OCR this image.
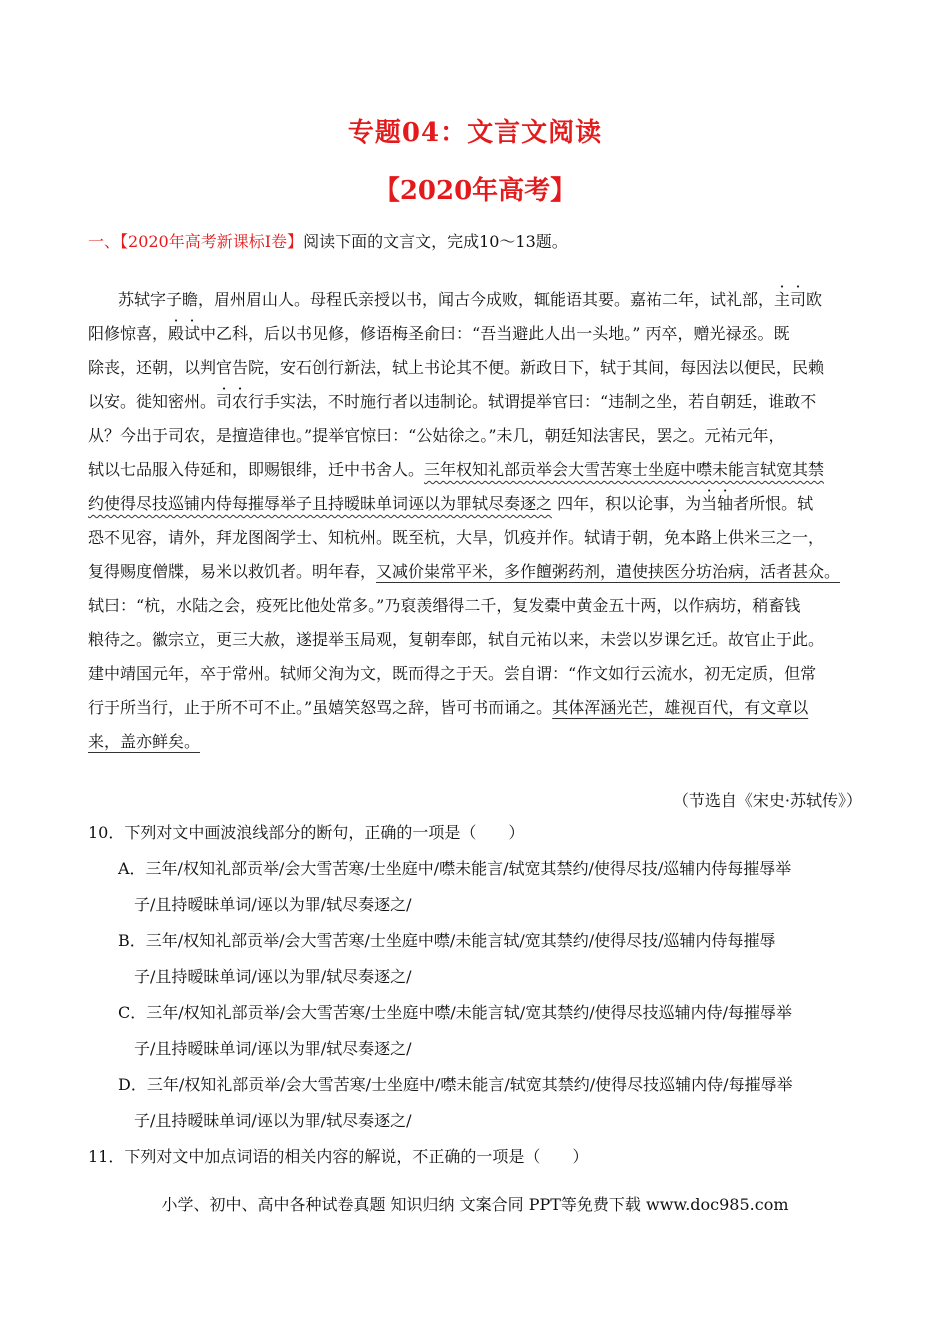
专题04：文言文阅读
【2020年高考】
一、【2020年高考新课标Ⅰ卷】阅读下面的文言文，完成10～13题。
苏轼字子瞻，眉州眉山人。母程氏亲授以书，闻古今成败，辄能语其要。嘉祐二年，试礼部，主司欧
阳修惊喜，殿试中乙科，后以书见修，修语梅圣俞曰：“吾当避此人出一头地。” 丙卒，赠光禄丞。既
除丧，还朝，以判官告院，安石创行新法，轼上书论其不便。新政日下，轼于其间，每因法以便民，民赖
以安。徙知密州。司农行手实法，不时施行者以违制论。轼谓提举官曰：“违制之坐，若自朝廷，谁敢不
从？今出于司农，是擅造律也。”提举官惊曰：“公姑徐之。”未几，朝廷知法害民，罢之。元祐元年，
轼以七品服入侍延和，即赐银绯，迁中书舍人。三年权知礼部贡举会大雪苦寒士坐庭中噤未能言轼宽其禁
约使得尽技巡铺内侍每摧辱举子且持暧昧单词诬以为罪轼尽奏逐之 四年，积以论事，为当轴者所恨。轼
恐不见容，请外，拜龙图阁学士、知杭州。既至杭，大旱，饥疫并作。轼请于朝，免本路上供米三之一，
复得赐度僧牒，易米以救饥者。明年春，又减价粜常平米，多作饘粥药剂，遣使挟医分坊治病，活者甚众。
轼曰：“杭，水陆之会，疫死比他处常多。”乃裒羡缗得二千，复发橐中黄金五十两，以作病坊，稍畜钱
粮待之。徽宗立，更三大赦，遂提举玉局观，复朝奉郎，轼自元祐以来，未尝以岁课乞迁。故官止于此。
建中靖国元年，卒于常州。轼师父洵为文，既而得之于天。尝自谓：“作文如行云流水，初无定质，但常
行于所当行，止于所不可不止。”虽嬉笑怒骂之辞，皆可书而诵之。其体浑涵光芒，雄视百代，有文章以
来，盖亦鲜矣。
（节选自《宋史·苏轼传》）
10．下列对文中画波浪线部分的断句，正确的一项是（　　）
A．三年/权知礼部贡举/会大雪苦寒/士坐庭中/噤未能言/轼宽其禁约/使得尽技/巡辅内侍每摧辱举
子/且持暧昧单词/诬以为罪/轼尽奏逐之/
B．三年/权知礼部贡举/会大雪苦寒/士坐庭中噤/未能言轼/宽其禁约/使得尽技/巡辅内侍每摧辱
子/且持暧昧单词/诬以为罪/轼尽奏逐之/
C．三年/权知礼部贡举/会大雪苦寒/士坐庭中噤/未能言轼/宽其禁约/使得尽技巡辅内侍/每摧辱举
子/且持暧昧单词/诬以为罪/轼尽奏逐之/
D．三年/权知礼部贡举/会大雪苦寒/士坐庭中/噤未能言/轼宽其禁约/使得尽技巡辅内侍/每摧辱举
子/且持暧昧单词/诬以为罪/轼尽奏逐之/
11．下列对文中加点词语的相关内容的解说，不正确的一项是（　　）
小学、初中、高中各种试卷真题 知识归纳 文案合同 PPT等免费下载 www.doc985.com
